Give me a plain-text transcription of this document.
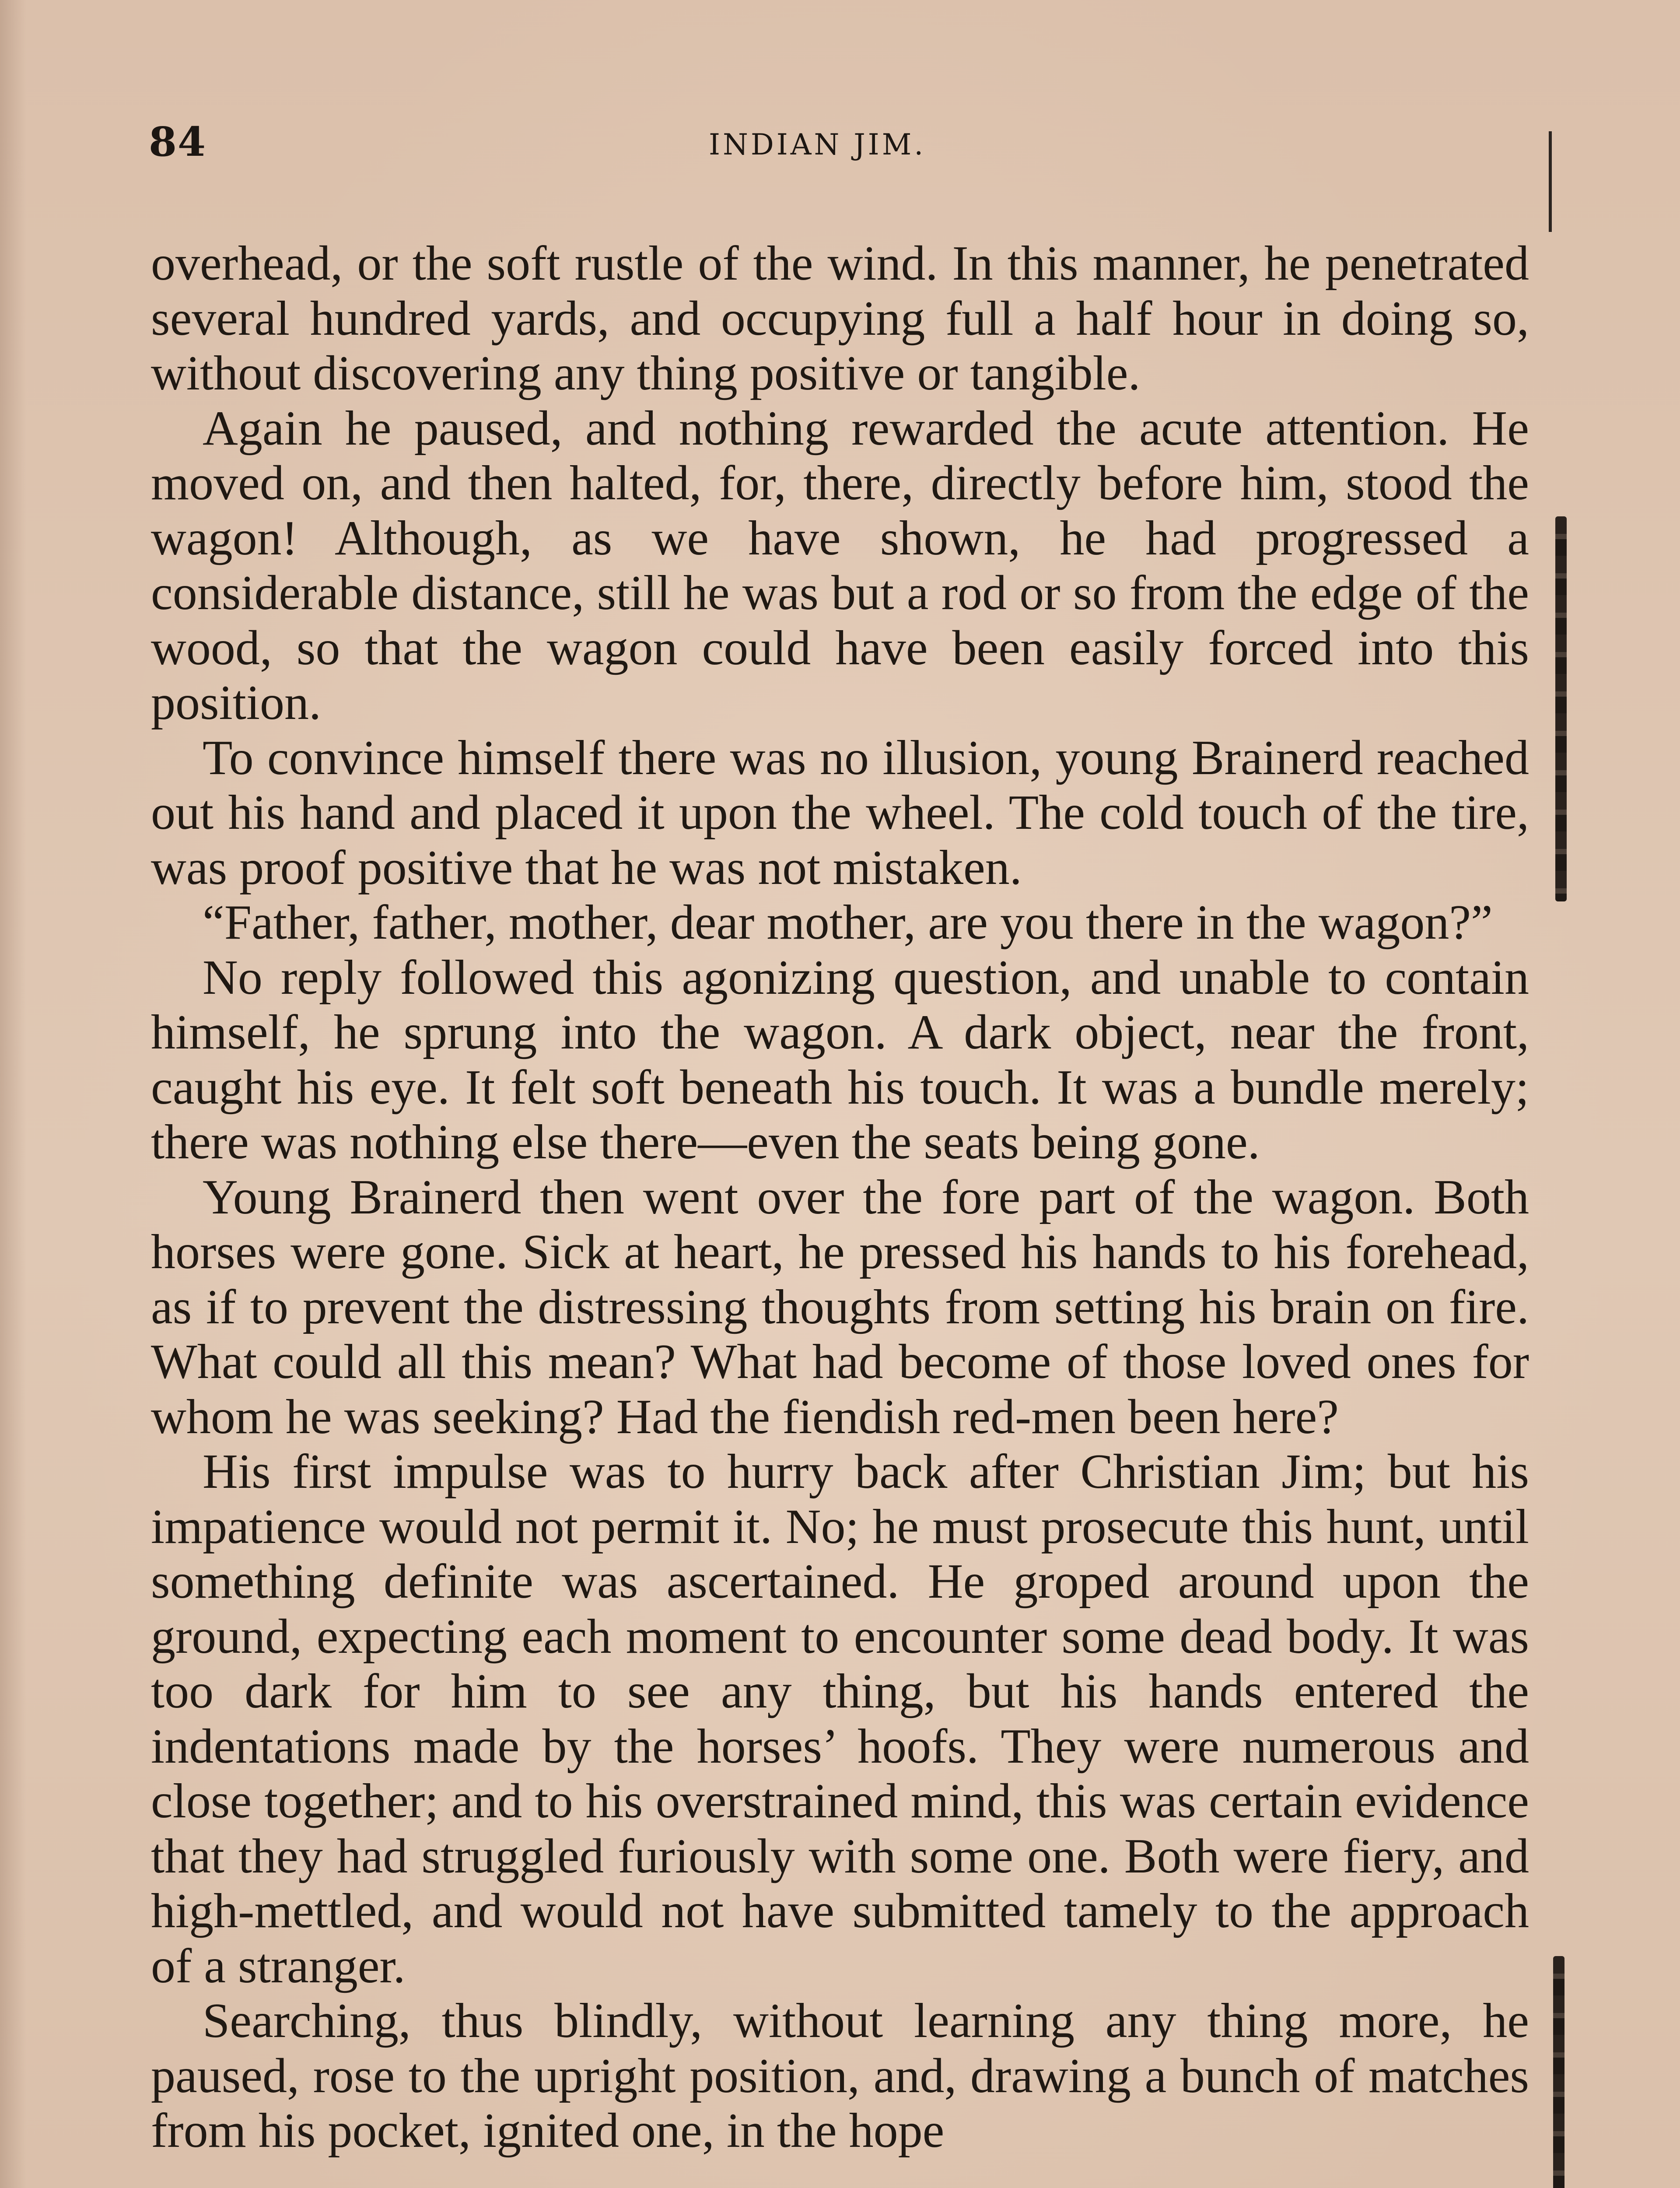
84	INDIAN JIM.

overhead, or the soft rustle of the wind. In this manner, he penetrated several hundred yards, and occupying full a half hour in doing so, without discovering any thing positive or tangible.

Again he paused, and nothing rewarded the acute attention. He moved on, and then halted, for, there, directly before him, stood the wagon! Although, as we have shown, he had progressed a considerable distance, still he was but a rod or so from the edge of the wood, so that the wagon could have been easily forced into this position.

To convince himself there was no illusion, young Brainerd reached out his hand and placed it upon the wheel. The cold touch of the tire, was proof positive that he was not mistaken.

“Father, father, mother, dear mother, are you there in the wagon?”

No reply followed this agonizing question, and unable to contain himself, he sprung into the wagon. A dark object, near the front, caught his eye. It felt soft beneath his touch. It was a bundle merely; there was nothing else there—even the seats being gone.

Young Brainerd then went over the fore part of the wagon. Both horses were gone. Sick at heart, he pressed his hands to his forehead, as if to prevent the distressing thoughts from setting his brain on fire. What could all this mean? What had become of those loved ones for whom he was seeking? Had the fiendish red-men been here?

His first impulse was to hurry back after Christian Jim; but his impatience would not permit it. No; he must prosecute this hunt, until something definite was ascertained. He groped around upon the ground, expecting each moment to encounter some dead body. It was too dark for him to see any thing, but his hands entered the indentations made by the horses’ hoofs. They were numerous and close together; and to his overstrained mind, this was certain evidence that they had struggled furiously with some one. Both were fiery, and high-mettled, and would not have submitted tamely to the approach of a stranger.

Searching, thus blindly, without learning any thing more, he paused, rose to the upright position, and, drawing a bunch of matches from his pocket, ignited one, in the hope
